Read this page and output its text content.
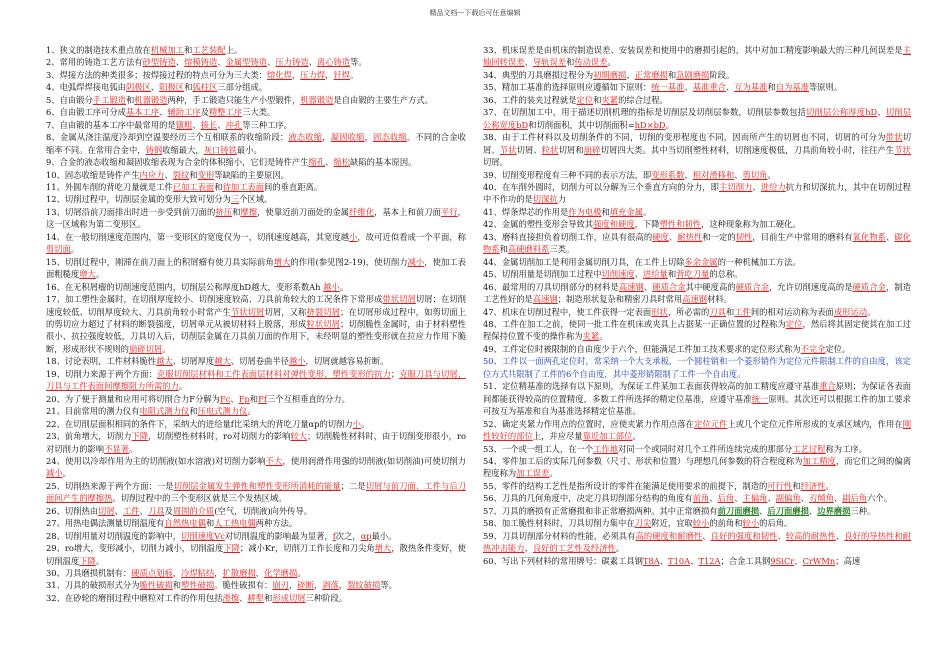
精品文档---下载后可任意编辑

1、狭义的制造技术重点放在机械加工和工艺装配上。

2、常用的铸造工艺方法有砂型铸造、熔模铸造、金属型铸造、压力铸造、离心铸造等。

3、焊接方法的种类很多；按焊接过程的特点可分为三大类：熔化焊，压力焊，钎焊。

4、电弧焊焊接电弧由阴极区、阳极区和弧柱区三部分组成。

5、自由锻分手工锻造和机器锻造两种，手工锻造只能生产小型锻件，机器锻造是自由锻的主要生产方式。

6、自由锻工序可分成基本工序、辅助工序及精整工序三大类。

7、自由锻的基本工序中最常用的是镦粗、拔长、冲孔等三种工序。

8、金属从浇注温度冷却到空温要经历三个互相联系的收缩阶段：液态收缩，凝固收缩，固态收缩。不同的合金收缩率不同。在常用合金中，铸钢收缩最大，灰口铸铁最小。

9、合金的液态收缩和凝固收缩表现为合金的体积缩小，它们是铸件产生缩孔、缩松缺陷的基本原因。

10、固态收缩是铸件产生内应力、裂纹和变形等缺陷的主要原因。

11、外圆车削的背吃刀量就是工件已加工表面和待加工表面间的垂直距离。

12、切削过程中，切削层金属的变形大致可划分为三个区域。

13、切屑沿前刀面排出时进一步受到前刀面的挤压和摩擦，使靠近前刀面处的金属纤维化，基本上和前刀面平行，这一区域称为第二变形区。

14、在一般切削速度范围内，第一变形区的宽度仅为一，切削速度越高，其宽度越小，故可近似看成一个平面，称剪切面。

15、切削过程中，刚滞在前刀面上的积屑瘤有使刀具实际前角增大的作用(参见图2-19)，使切削力减小，使加工表面粗糙度增大。

16、在无积屑瘤的切削速度范围内，切削层公称厚度hD越大，变形系数Ah 越小。

17、加工塑性金属时，在切削厚度较小、切削速度较高、刀具前角较大的工况条件下常形成带状切屑切屑；在切削速度较低、切削厚度较大、刀具前角较小时常产生节状切屑切屑，又称挤裂切屑；在切屑形成过程中，如剪切面上的剪切应力超过了材料的断裂强度，切屑单元从被切材料上脱落，形成粒状切屑；切削脆性金属时，由于材料塑性很小、抗拉强度较低，刀具切入后，切削层金属在刀具前刀面的作用下，未经明显的塑性变形就在拉应力作用下脆断，形成形状不规则的崩碎切屑。

18、讨论表明，工件材料脆性越大、切屑厚度越大、切屑卷曲半径越小，切屑就越容易折断。

19、切削力来源于两个方面：克服切削层材料和工件表面层材料对弹性变形、塑性变形的抗力；克服刀具与切屑、刀具与工件表面间摩擦阻力所需的力。

20、为了便于测量和应用可将切削合力F分解为Fc、Fp和Ff三个互相垂直的分力。

21、目前常用的测力仪有电阻式测力仪和压电式测力仪。

22、在切削层面积相同的条件下，采纳大的进给量f比采纳大的背吃刀量αp的切削力小。

23、前角增大，切削力下降，切削塑性材料时，ro对切削力的影响较大；切削脆性材料时，由于切削变形很小，ro对切削力的影响不显著。

24、使用以冷却作用为主的切削液(如水溶液)对切削力影响不大，使用润滑作用强的切削液(如切削油)可使切削力减小。

25、切削热来源于两个方面：一是切削层金属发生弹性和塑性变形所消耗的能量；二是切屑与前刀面、工件与后刀面间产生的摩擦热。切削过程中的三个变形区就是三个发热区域。

26、切削热由切屑、工件、刀具及周围的介质(空气，切削液)向外传导。

27、用热电偶法测量切削温度有自然热电偶和人工热电偶两种方法。

28、切削用量对切削温度的影响中，切削速度Vc对切削温度的影响最为显著，f次之，αp最小。

29、ro增大，变形减小，切削力减小，切削温度下降；减小Kr，切削刀工作长度和刀尖角增大，散热条件变好，使切削温度下降。

30、刀具磨损机制有：硬质点划痕，冷焊粘结，扩散磨损，化学磨损。

31、刀具的破损形式分为脆性破损和塑性破损。脆性破损有：崩刃，碎断，剥落，裂纹破损等。

32、在砂轮的磨削过程中磨粒对工件的作用包括滑擦、耕犁和形成切屑三种阶段。

33、机床误差是由机床的制造误差、安装误差和使用中的磨损引起的，其中对加工精度影响最大的三种几何误差是主轴回转误差、导轨误差和传动误差。

34、典型的刀具磨损过程分为初期磨损、正常磨损和急剧磨损阶段。

35、精加工基准的选择原则应遵循如下原则：统一基准、基准重合、互为基准和自为基准等原则。

36、工件的装夹过程就是定位和夹紧的综合过程。

37、在切削加工中，用于描述切削机理的指标是切削层及切削层参数，切削层参数包括切削层公称厚度hD、切削层公称宽度bD和切削面积，其中切削面积=hD×bD。

38、由于工件材料以及切削条件的不同，切削的变形程度也不同，因而所产生的切屑也不同，切屑的可分为带状切屑、节状切屑、粒状切屑和崩碎切屑四大类。其中当切削塑性材料，切削速度极低，刀具前角较小时，往往产生节状切屑。

39、切削变形程度有三种不同的表示方法，即变形系数、相对滑移和、剪切角。

40、在车削外圆时，切削力可以分解为三个垂直方向的分力，即主切削力、进给力抗力和切深抗力，其中在切削过程中不作功的是切深抗力

41、焊条焊芯的作用是作为电极和填充金属。

42、金属的塑性变形会导致其强度和硬度，下降塑性和韧性，这种现象称为加工硬化。

43、磨料直接担负着切削工作，应具有很高的硬度、耐热性和一定的韧性，目前生产中常用的磨料有氧化物系、碳化物系和高硬磨料系三类。

44、金属切削加工是利用金属切削刀具，在工件上切除多余金属的一种机械加工方法。

45、切削用量是切削加工过程中切削速度、进给量和背吃刀量的总称。

46、最常用的刀具切削部分的材料是高速钢、硬质合金其中硬度高的硬质合金，允许切削速度高的是硬质合金，制造工艺性好的是高速钢；制造形状复杂和精密刀具时常用高速钢材料。

47、机床在切削过程中，使工件获得一定表面形状，所必需的刀具和工件间的相对运动称为表面成形运动。

48、工件在加工之前，使同一批工件在机床或夹具上占据某一正确位置的过程称为定位，然后将其固定使其在加工过程保持位置不变的操作称为夹紧。

49、工件定位时被限制的自由度少于六个，但能满足工件加工技术要求的定位形式称为不完全定位。

50、工件以一面两孔定位时，常采纳一个大支承板，一个圆柱销和一个菱形销作为定位元件限制工件的自由度，该定位方式共限制了工件的6个自由度，其中菱形销限制了工件一个自由度。

51、定位精基准的选择有以下原则，为保证工件某加工表面获得较高的加工精度应遵守基准重合原则；为保证各表面间都能获得较高的位置精度，多数工件所选择的精定位基准，应遵守基准统一原则。其次还可以根据工件的加工要求可按互为基准和自为基准选择精定位基准。

52、确定夹紧力作用点的位置时，应使夹紧力作用点落在定位元件上或几个定位元件所形成的支承区域内，作用在刚性较好的部位上，并应尽量靠近加工部位。

53、一个或一组工人，在一个工作地对同一个或同时对几个工件所连续完成的那部分工艺过程称为工序。

54、零件加工后的实际几何参数（尺寸、形状和位置）与理想几何参数的符合程度称为加工精度，而它们之间的偏离程度称为加工误差。

55、零件的结构工艺性是指所设计的零件在能满足使用要求的前提下，制造的可行性和经济性。

56、刀具的几何角度中，决定刀具切削部分结构的角度有前角、后角、主偏角、副偏角、刃倾角、副后角六个。

57、刀具的磨损有正常磨损和非正常磨损两种。其中正常磨损有前刀面磨损、后刀面磨损、边界磨损三种。

58、加工脆性材料时，刀具切削力集中在刀尖附近，宜取较小的前角和较小的后角。

59、刀具切削部分材料的性能，必须具有高的硬度和耐磨性、良好的强度和韧性、较高的耐热性、良好的导热性和耐热冲击能力、良好的工艺性及经济性。

60、写出下列材料的常用牌号：碳素工具钢T8A、T10A、T12A；合金工具钢9SiCr、CrWMn；高速
